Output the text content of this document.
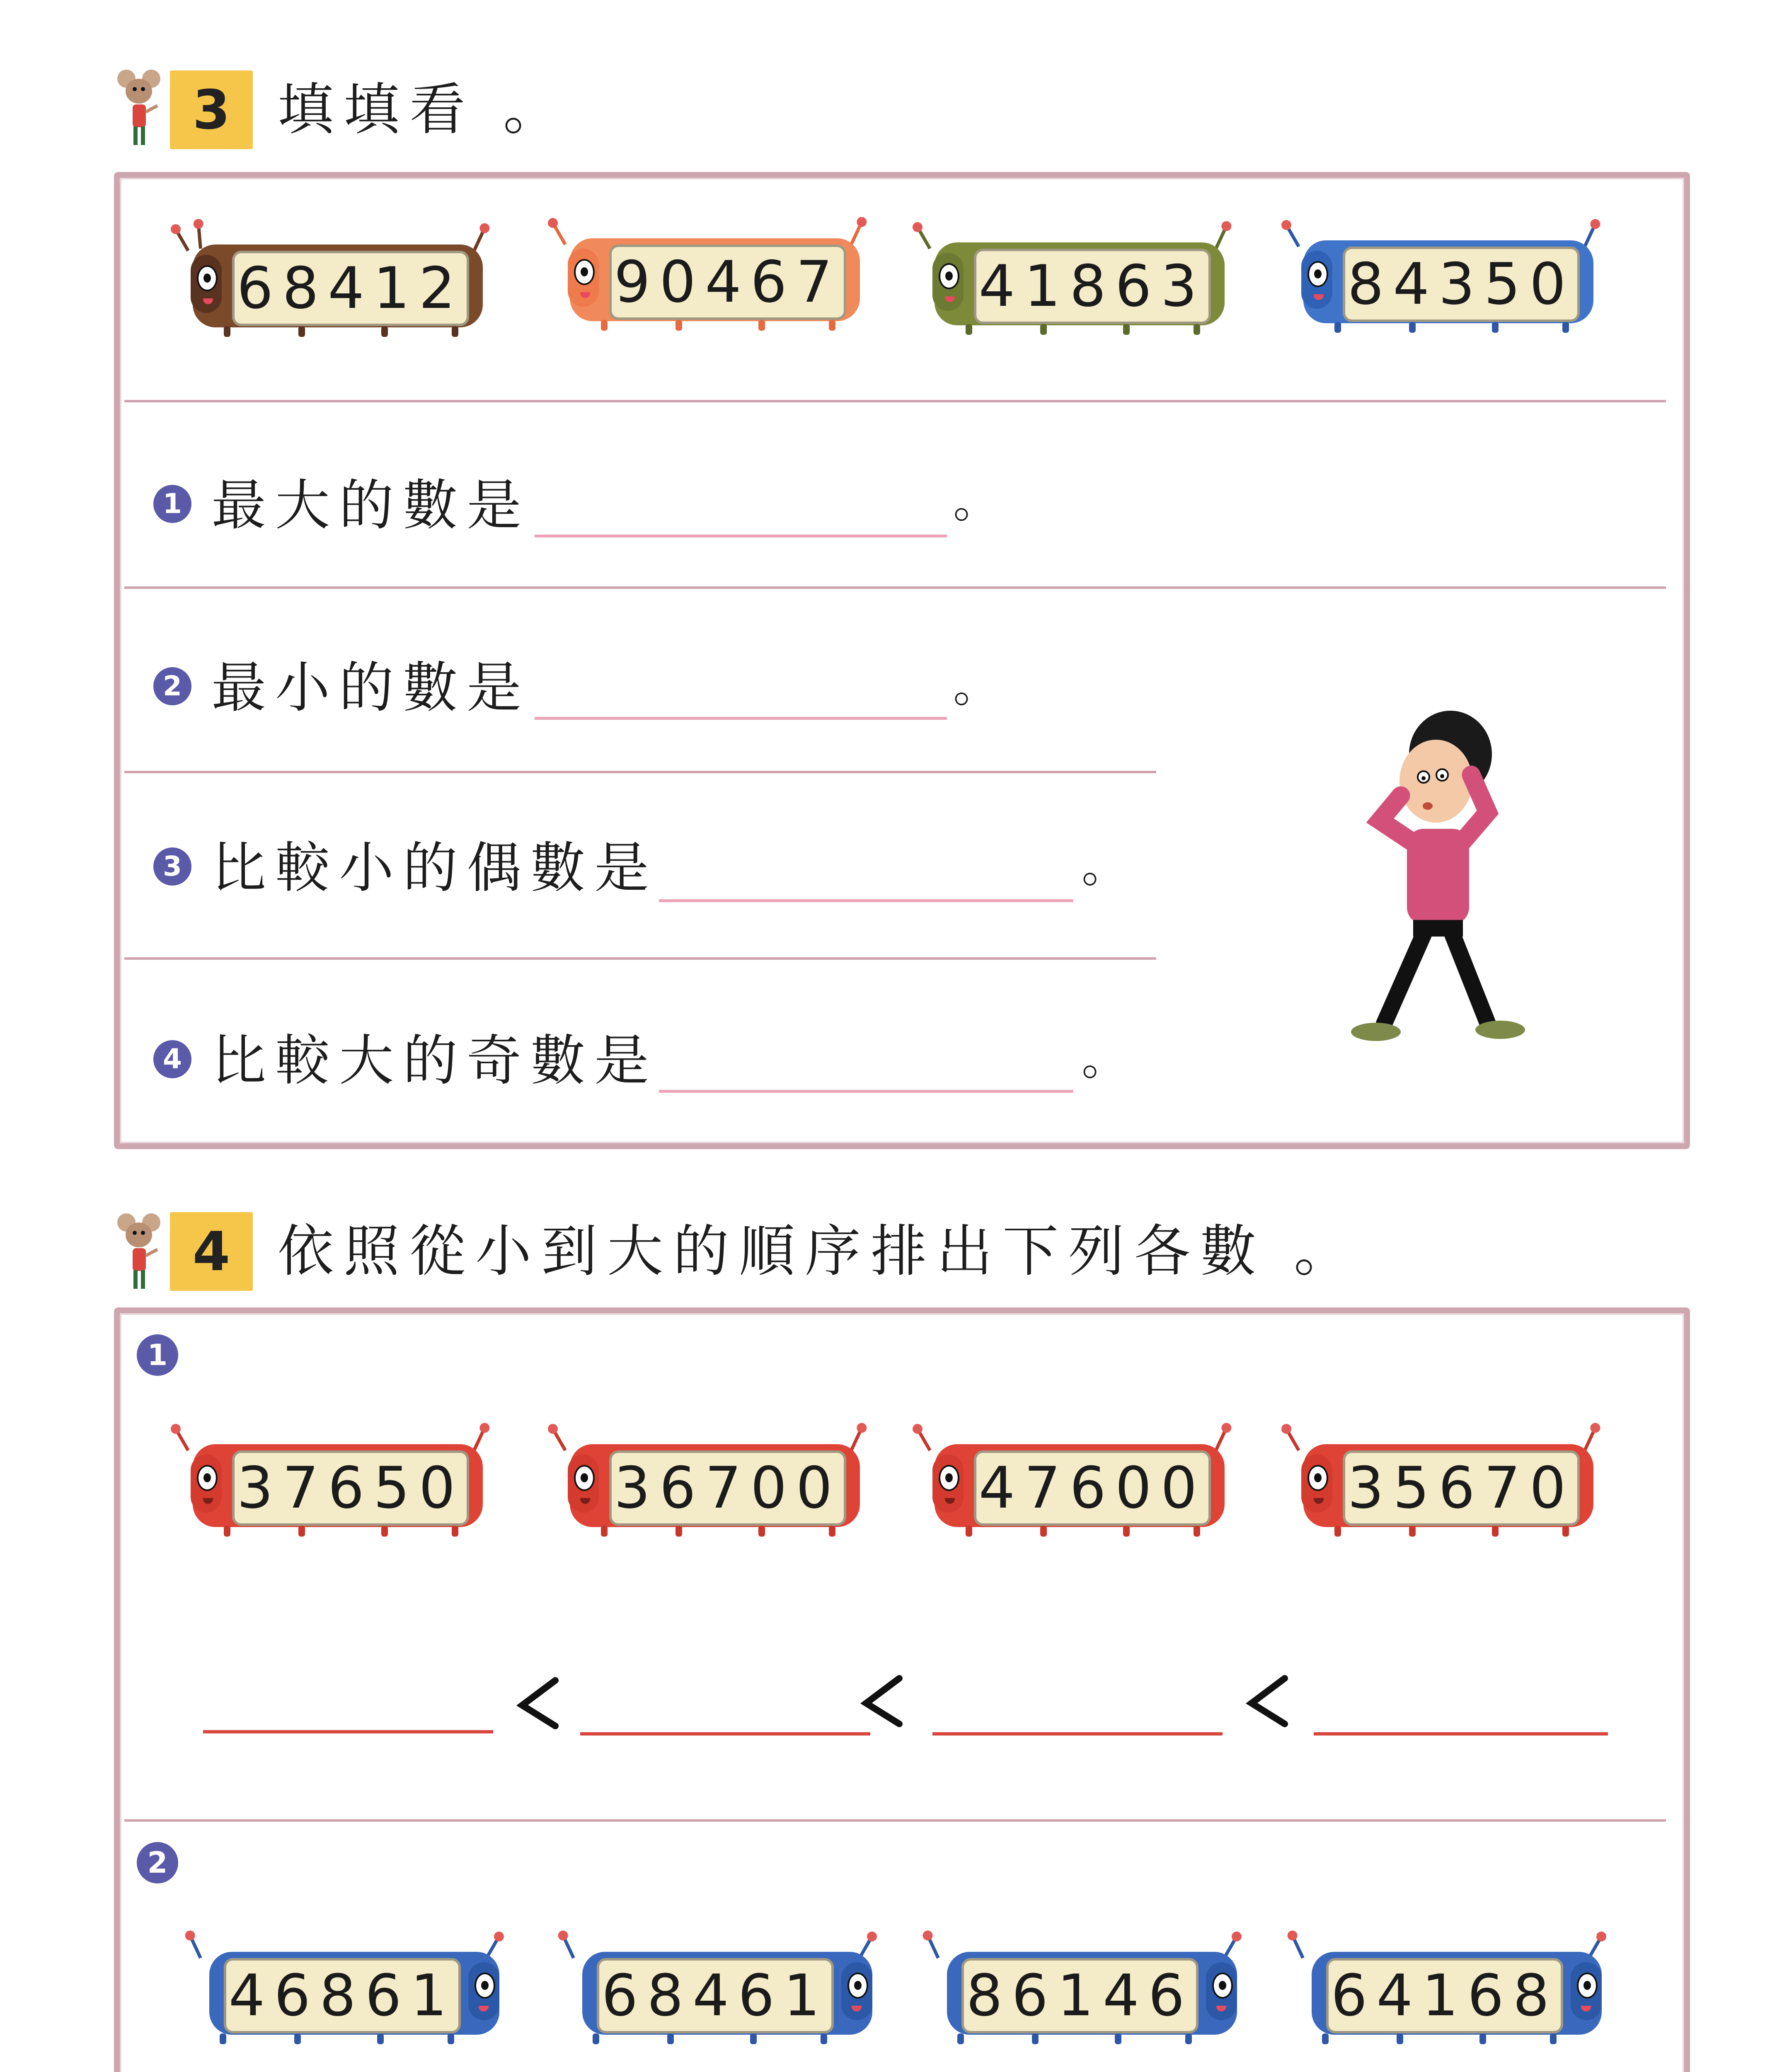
3 填填看 。
68412	90467 41863 84350
1 最大的數是	。
2 最小的數是	。
3 比較小的偶數是	。
4 比較大的奇數是	。
4 依照從小到大的順序排出下列各數 。
1
37650	36700 47600 35670
2
46861	68461 86146 64168
